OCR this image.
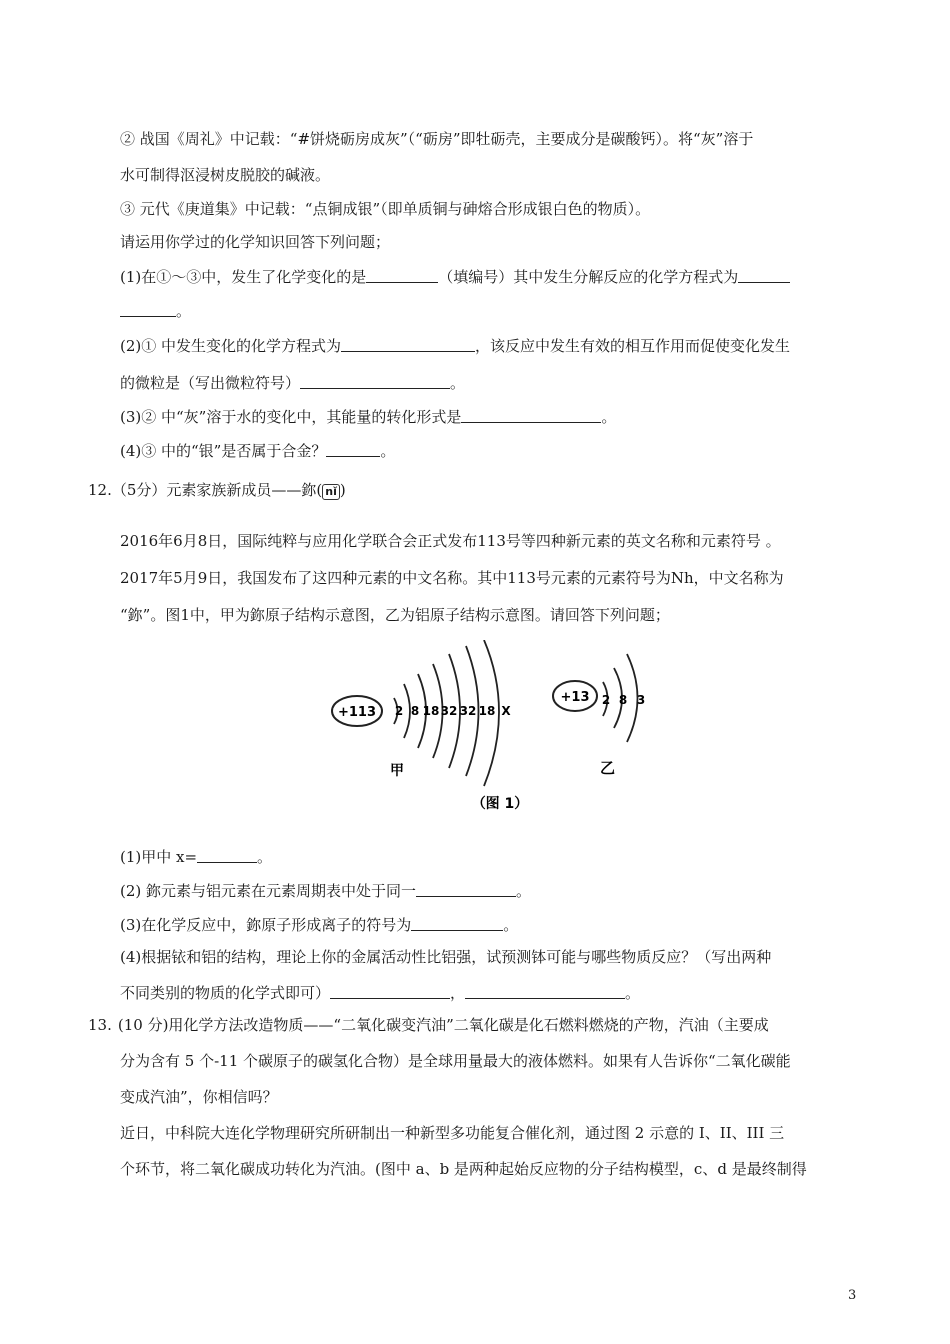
② 战国《周礼》中记载：“#饼烧砺房成灰”（“砺房”即牡砺壳，主要成分是碳酸钙）。将“灰”溶于
水可制得沤浸树皮脱胶的碱液。
③ 元代《庚道集》中记载：“点铜成银”（即单质铜与砷熔合形成银白色的物质）。
请运用你学过的化学知识回答下列问题；
(1)在①～③中，发生了化学变化的是	（填编号）其中发生分解反应的化学方程式为
。
(2)① 中发生变化的化学方程式为	，该反应中发生有效的相互作用而促使变化发生
的微粒是（写出微粒符号）	。
(3)② 中“灰”溶于水的变化中，其能量的转化形式是	。
(4)③ 中的“银”是否属于合金？	。
12.（5分）元素家族新成员——鉨( nǐ )
2016年6月8日，国际纯粹与应用化学联合会正式发布113号等四种新元素的英文名称和元素符号 。
2017年5月9日，我国发布了这四种元素的中文名称。其中113号元素的元素符号为Nh，中文名称为
“鉨”。图1中，甲为鉨原子结构示意图，乙为铝原子结构示意图。请回答下列问题；
+113 2 8 18 32 32 18 X
甲
+13 2 8 3
乙
（图 1）
(1)甲中 x=	。
(2) 鉨元素与铝元素在元素周期表中处于同一	。
(3)在化学反应中，鉨原子形成离子的符号为	。
(4)根据铱和铝的结构，理论上你的金属活动性比铝强，试预测钵可能与哪些物质反应？（写出两种
不同类别的物质的化学式即可）	，	。
13. (10 分)用化学方法改造物质——“二氧化碳变汽油”二氧化碳是化石燃料燃烧的产物，汽油（主要成
分为含有 5 个-11 个碳原子的碳氢化合物）是全球用量最大的液体燃料。如果有人告诉你“二氧化碳能
变成汽油”，你相信吗？
近日，中科院大连化学物理研究所研制出一种新型多功能复合催化剂，通过图 2 示意的 I、II、III 三
个环节，将二氧化碳成功转化为汽油。(图中 a、b 是两种起始反应物的分子结构模型，c、d 是最终制得
3
